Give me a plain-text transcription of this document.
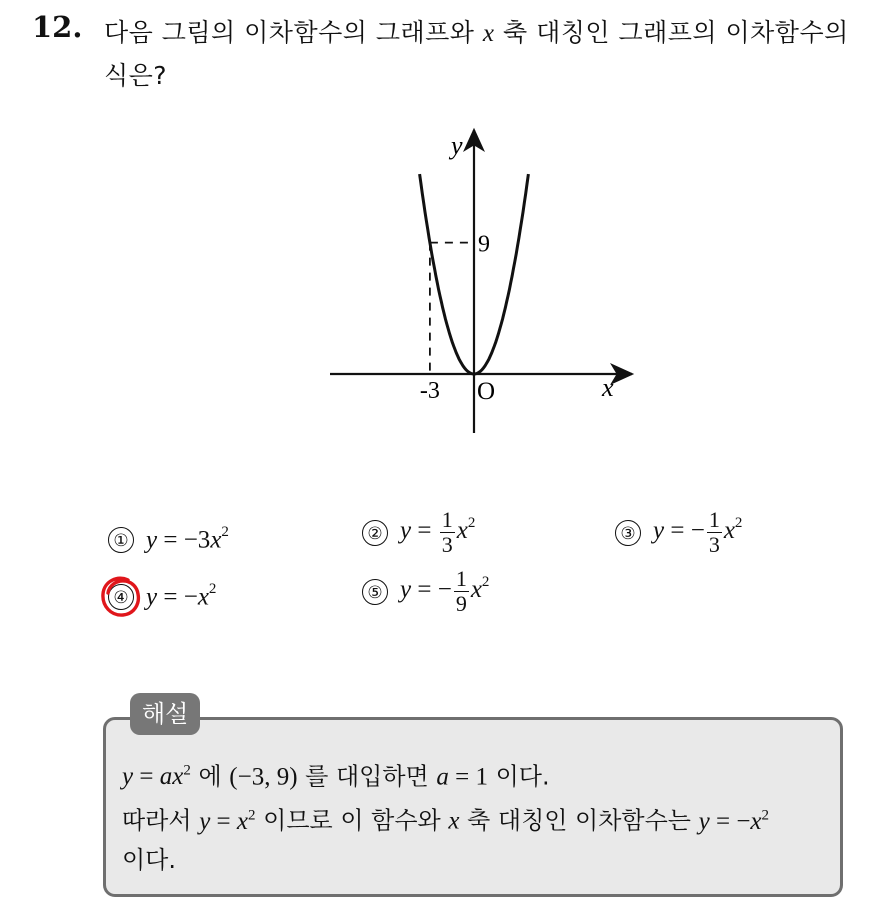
12. 다음 그림의 이차함수의 그래프와 x 축 대칭인 그래프의 이차함수의 식은?
y
x
O
-3
9
① $y = -3x^2$	② $y = \frac{1}{3} x^2$
③ y = − $\frac{1}{3} x^2$
④ $y = -x^2$	⑤ y = − $\frac{1}{9} x^2$
해설
$y = ax^2$ 에 (−3, 9) 를 대입하면 a = 1 이다.
따라서 $y = x^2$ 이므로 이 함수와 x 축 대칭인 이차함수는 $y = -x^2$
이다.
